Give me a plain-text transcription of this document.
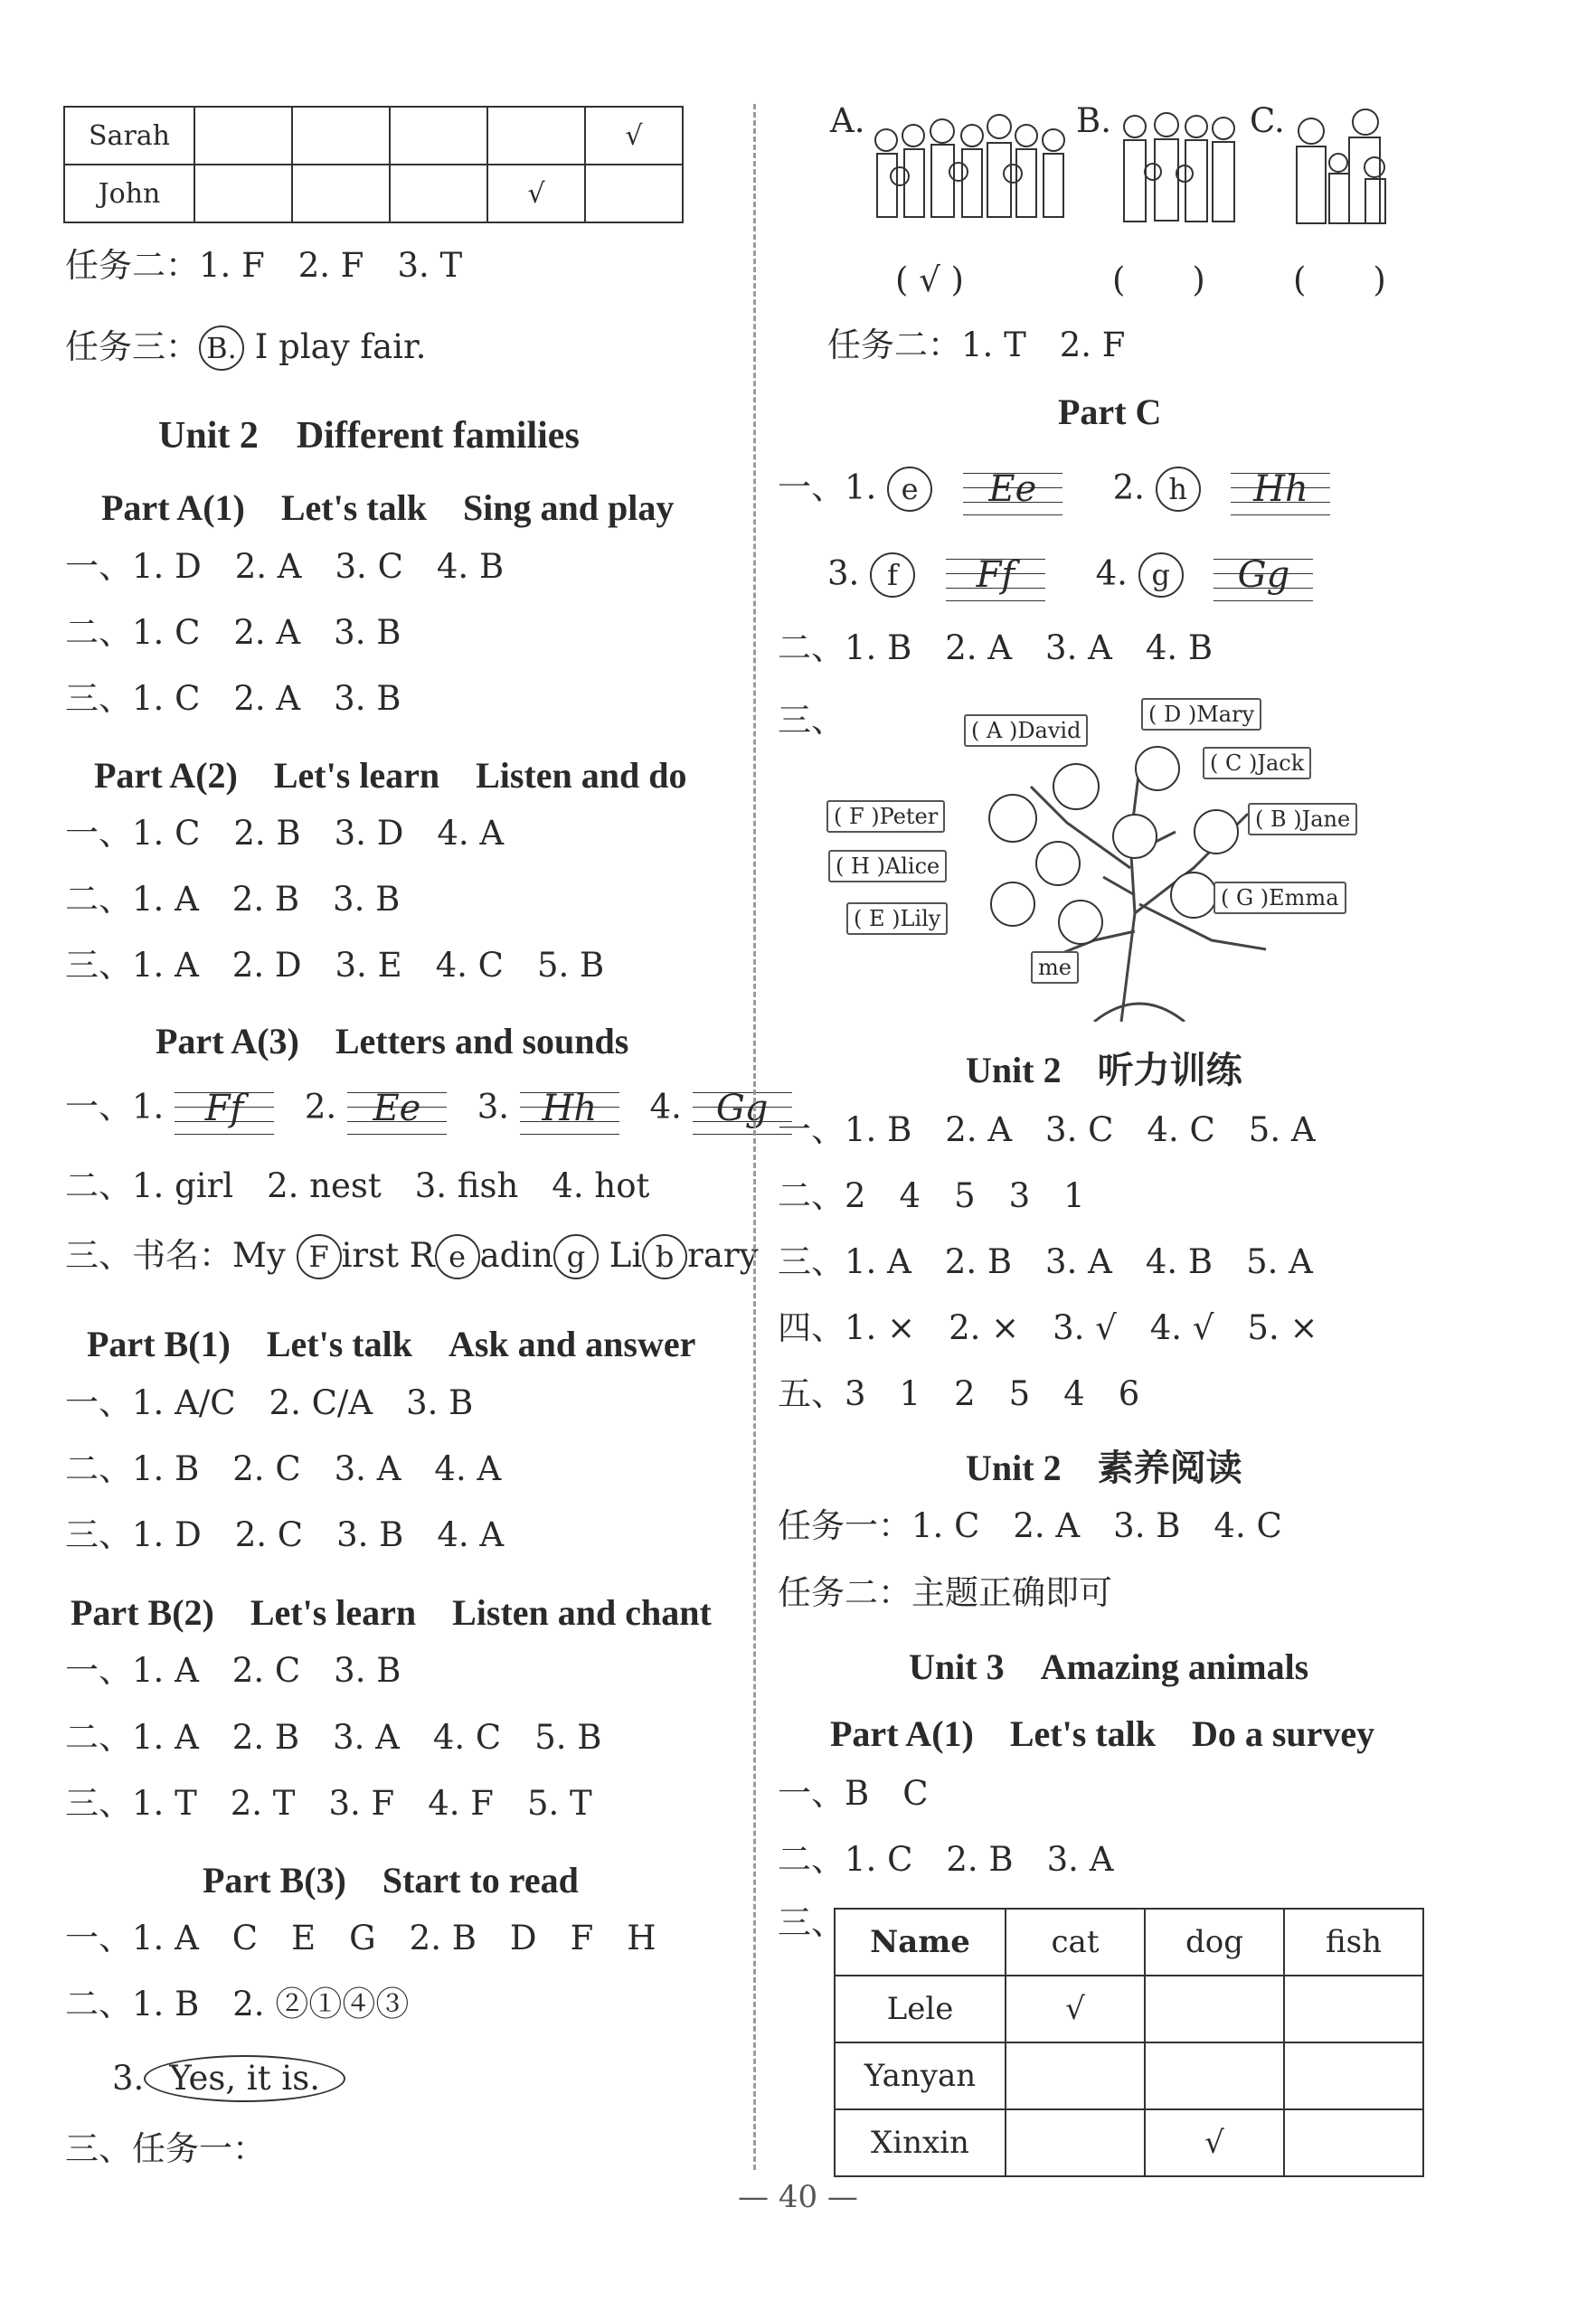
Sarah					√
John				√	
任务二：1. F　2. F　3. T
任务三： B. I play fair.
Unit 2　Different families
Part A(1)　Let's talk　Sing and play
一、1. D　2. A　3. C　4. B
二、1. C　2. A　3. B
三、1. C　2. A　3. B
Part A(2)　Let's learn　Listen and do
一、1. C　2. B　3. D　4. A
二、1. A　2. B　3. B
三、1. A　2. D　3. E　4. C　5. B
Part A(3)　Letters and sounds
一、1.	Ff	2.	Ee	3. Hh	4. Gg
二、1. girl　2. nest　3. fish　4. hot
三、书名：My F irst R e adin g Li b rary
Part B(1)　Let's talk　Ask and answer
一、1. A/C　2. C/A　3. B
二、1. B　2. C　3. A　4. A
三、1. D　2. C　3. B　4. A
Part B(2)　Let's learn　Listen and chant
一、1. A　2. C　3. B
二、1. A　2. B　3. A　4. C　5. B
三、1. T　2. T　3. F　4. F　5. T
Part B(3)　Start to read
一、1. A　C　E　G　2. B　D　F　H
二、1. B　2. ②①④③
3. Yes, it is.
三、任务一：
A.	B.	C.
( √ )	(　　)	(　　)
任务二：1. T　2. F
Part C
一、1. e	Ee	2. h	Hh
3. f	Ff	4. g	Gg
二、1. B　2. A　3. A　4. B
三、	( A )David
( D )Mary
( C )Jack
( F )Peter	( B )Jane
( H )Alice
( G )Emma
( E )Lily
me
Unit 2　听力训练
一、1. B　2. A　3. C　4. C　5. A
二、2　4　5　3　1
三、1. A　2. B　3. A　4. B　5. A
四、1. ×　2. ×　3. √　4. √　5. ×
五、3　1　2　5　4　6
Unit 2　素养阅读
任务一：1. C　2. A　3. B　4. C
任务二：主题正确即可
Unit 3　Amazing animals
Part A(1)　Let's talk　Do a survey
一、B　C
二、1. C　2. B　3. A
三、 Name	cat	dog	fish
Lele	√		
Yanyan			
Xinxin		√	
— 40 —
